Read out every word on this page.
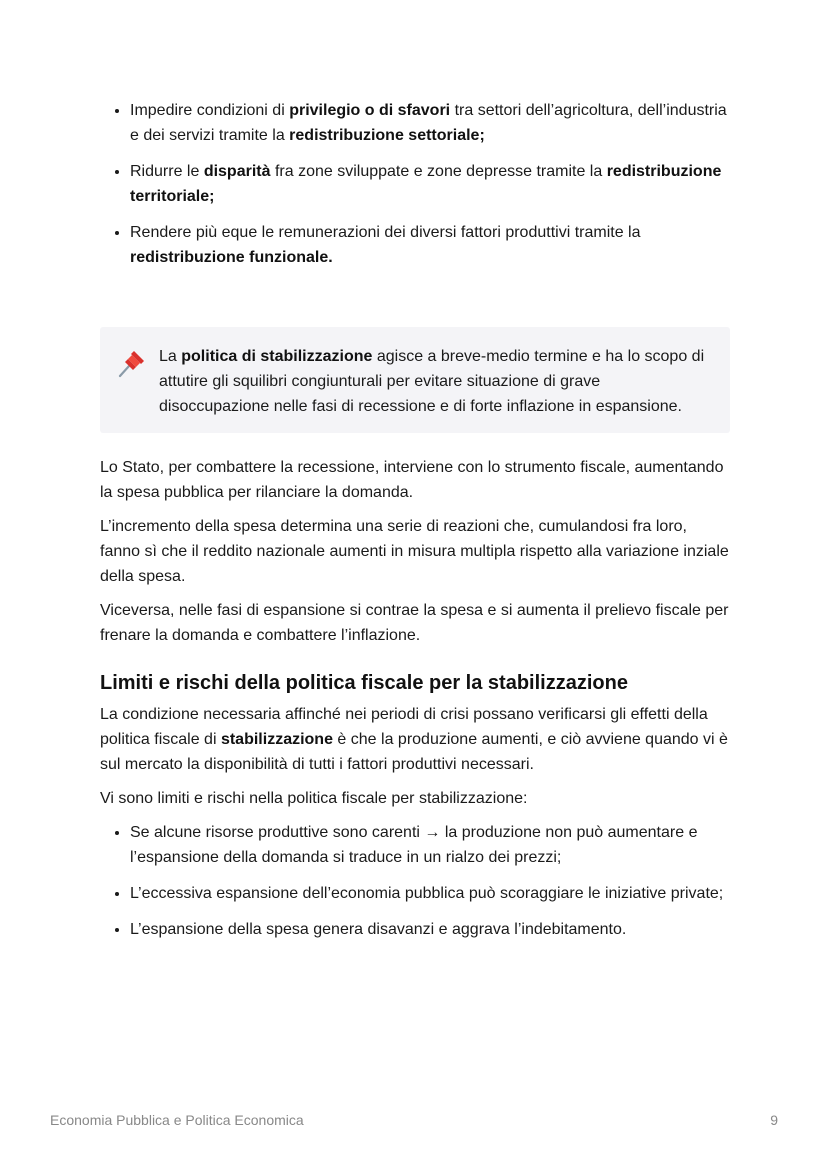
• Impedire condizioni di privilegio o di sfavori tra settori dell’agricoltura, dell’industria e dei servizi tramite la redistribuzione settoriale;
• Ridurre le disparità fra zone sviluppate e zone depresse tramite la redistribuzione territoriale;
• Rendere più eque le remunerazioni dei diversi fattori produttivi tramite la redistribuzione funzionale.
La politica di stabilizzazione agisce a breve-medio termine e ha lo scopo di attutire gli squilibri congiunturali per evitare situazione di grave disoccupazione nelle fasi di recessione e di forte inflazione in espansione.

Lo Stato, per combattere la recessione, interviene con lo strumento fiscale, aumentando la spesa pubblica per rilanciare la domanda.

L’incremento della spesa determina una serie di reazioni che, cumulandosi fra loro, fanno sì che il reddito nazionale aumenti in misura multipla rispetto alla variazione inziale della spesa.

Viceversa, nelle fasi di espansione si contrae la spesa e si aumenta il prelievo fiscale per frenare la domanda e combattere l’inflazione.

Limiti e rischi della politica fiscale per la stabilizzazione

La condizione necessaria affinché nei periodi di crisi possano verificarsi gli effetti della politica fiscale di stabilizzazione è che la produzione aumenti, e ciò avviene quando vi è sul mercato la disponibilità di tutti i fattori produttivi necessari.

Vi sono limiti e rischi nella politica fiscale per stabilizzazione:

• Se alcune risorse produttive sono carenti → la produzione non può aumentare e l’espansione della domanda si traduce in un rialzo dei prezzi;
• L’eccessiva espansione dell’economia pubblica può scoraggiare le iniziative private;
• L’espansione della spesa genera disavanzi e aggrava l’indebitamento.
Economia Pubblica e Politica Economica	9
